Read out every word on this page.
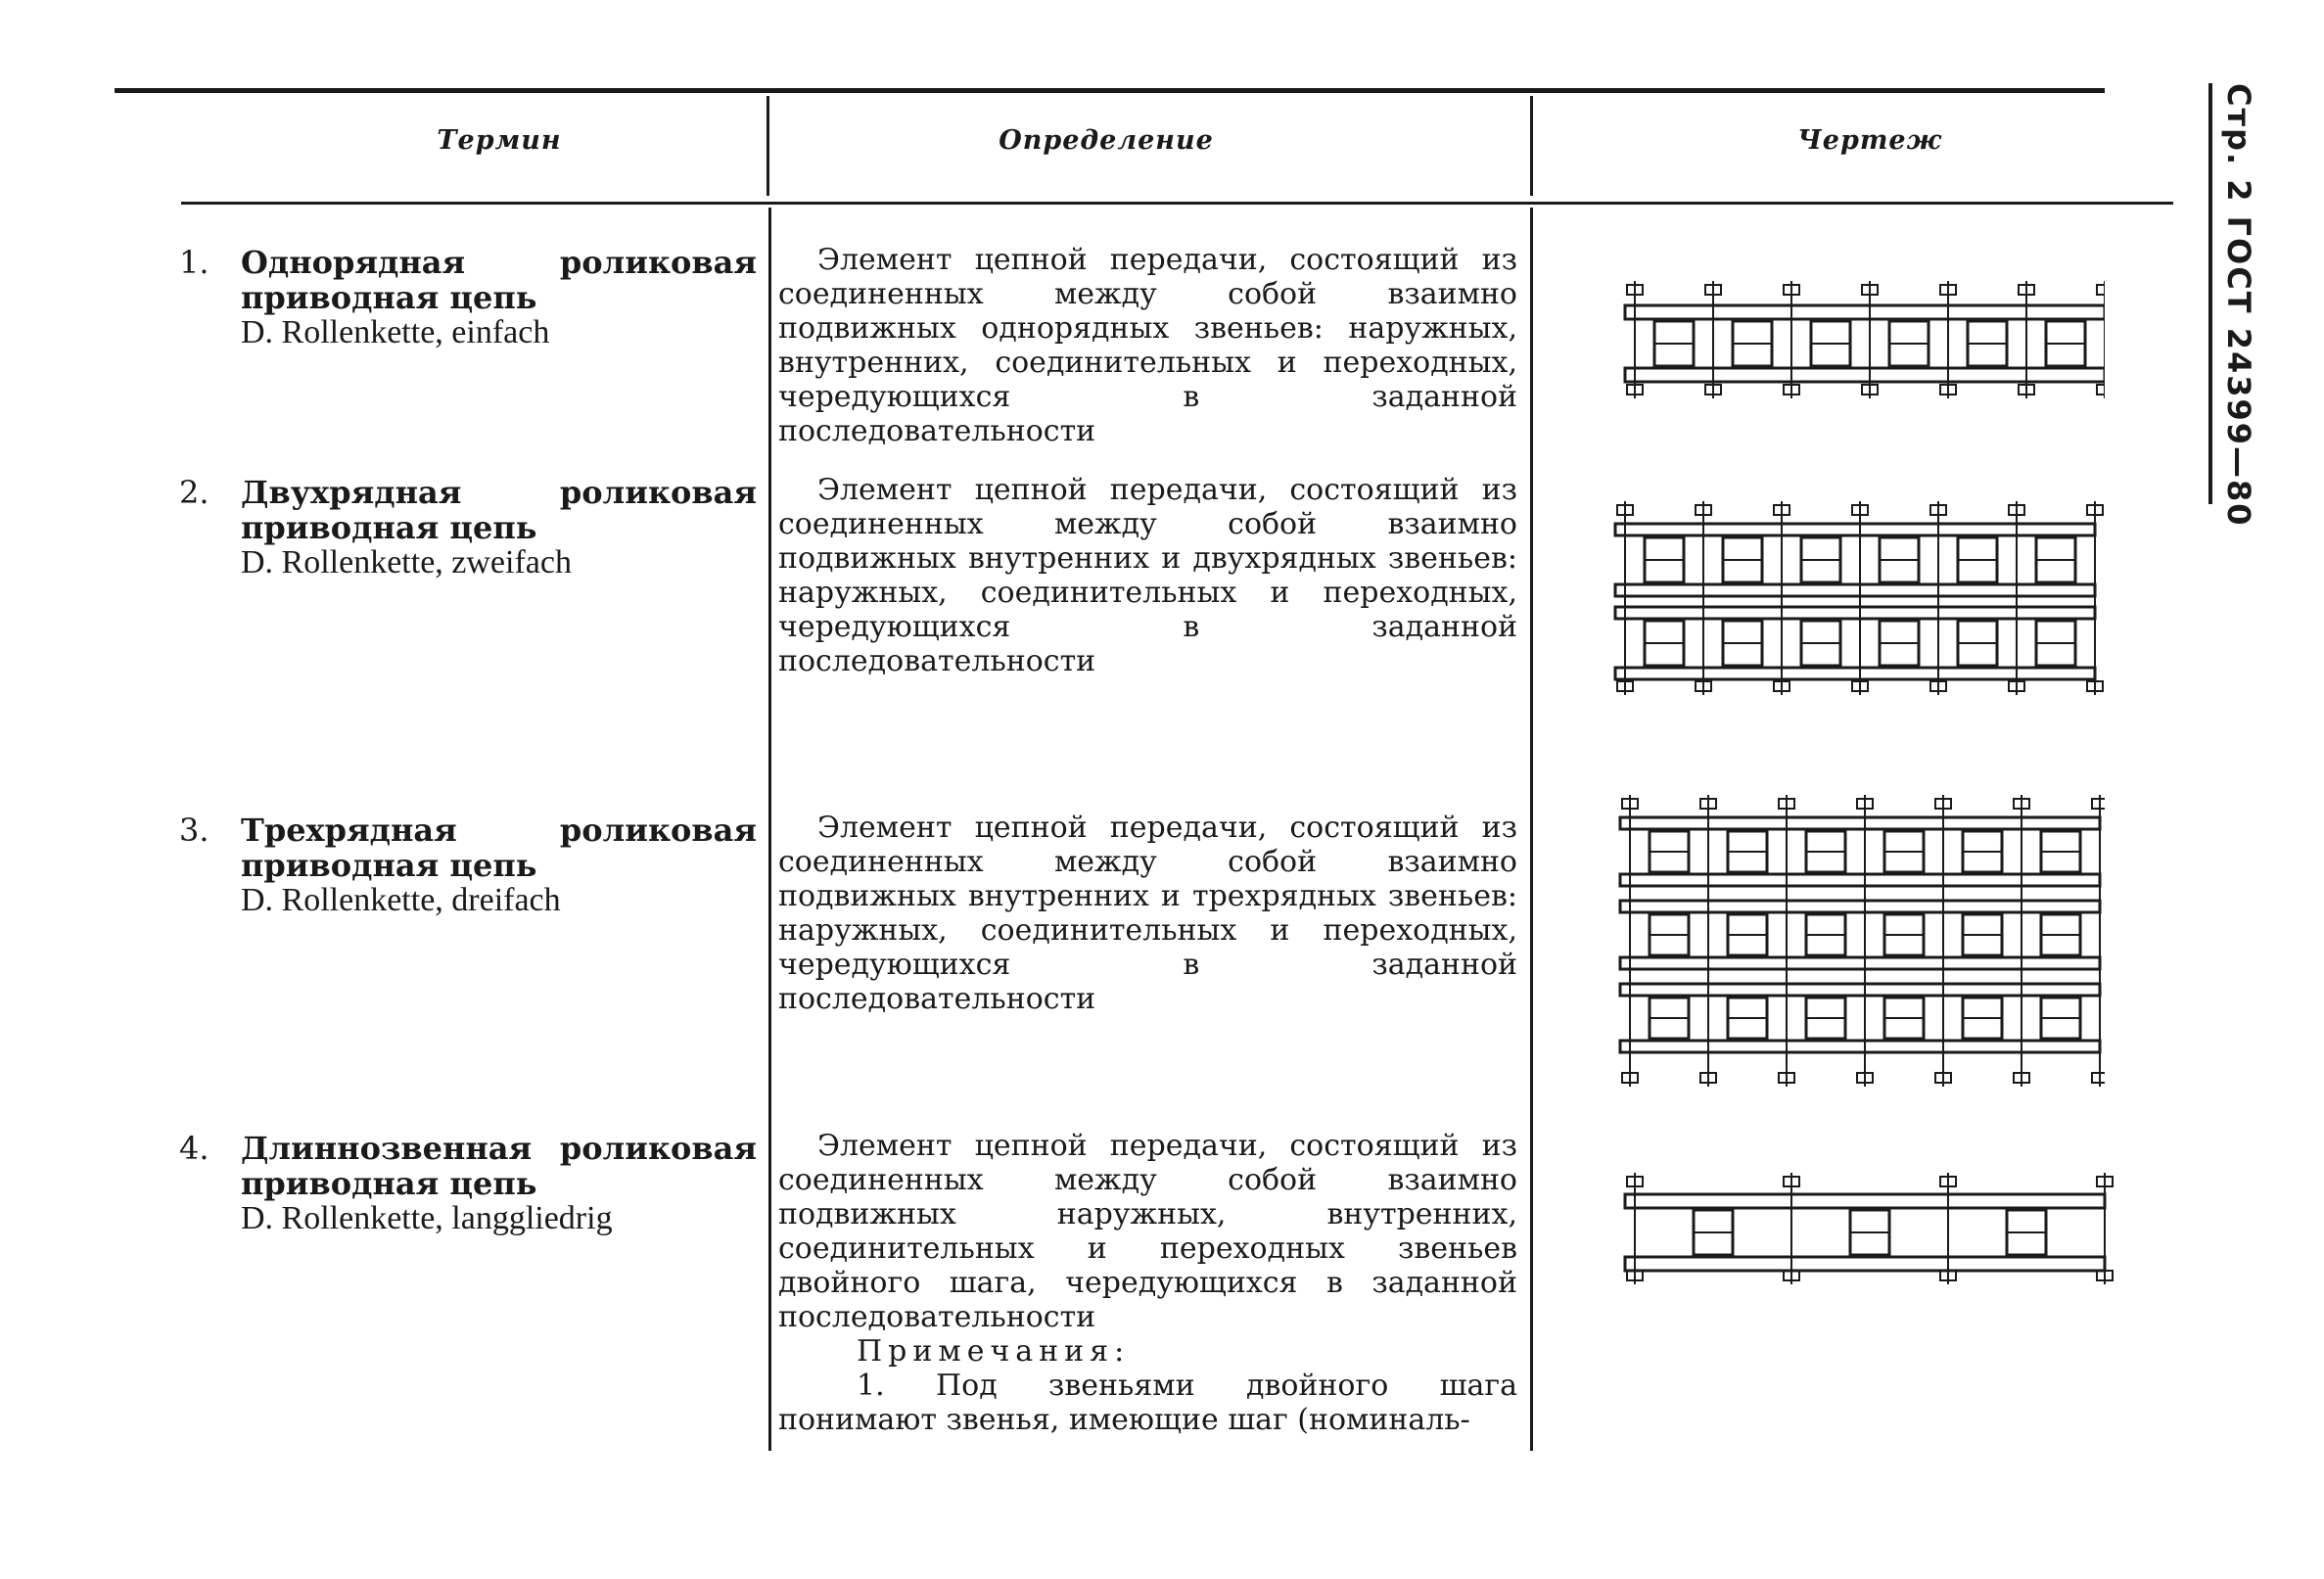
Термин	Определение	Чертеж
1. Однорядная роликовая приводная цепь
D. Rollenkette, einfach

Элемент цепной передачи, состоящий из соединенных между собой взаимно подвижных однорядных звеньев: наружных, внутренних, соединительных и переходных, чередующихся в заданной последовательности

2. Двухрядная роликовая приводная цепь
D. Rollenkette, zweifach

Элемент цепной передачи, состоящий из соединенных между собой взаимно подвижных внутренних и двухрядных звеньев: наружных, соединительных и переходных, чередующихся в заданной последовательности

3. Трехрядная роликовая приводная цепь
D. Rollenkette, dreifach

Элемент цепной передачи, состоящий из соединенных между собой взаимно подвижных внутренних и трехрядных звеньев: наружных, соединительных и переходных, чередующихся в заданной последовательности

4. Длиннозвенная роликовая приводная цепь
D. Rollenkette, langgliedrig

Элемент цепной передачи, состоящий из соединенных между собой взаимно подвижных наружных, внутренних, соединительных и переходных звеньев двойного шага, чередующихся в заданной последовательности

Примечания:

1. Под звеньями двойного шага понимают звенья, имеющие шаг (номиналь-

Стр. 2 ГОСТ 24399—80
